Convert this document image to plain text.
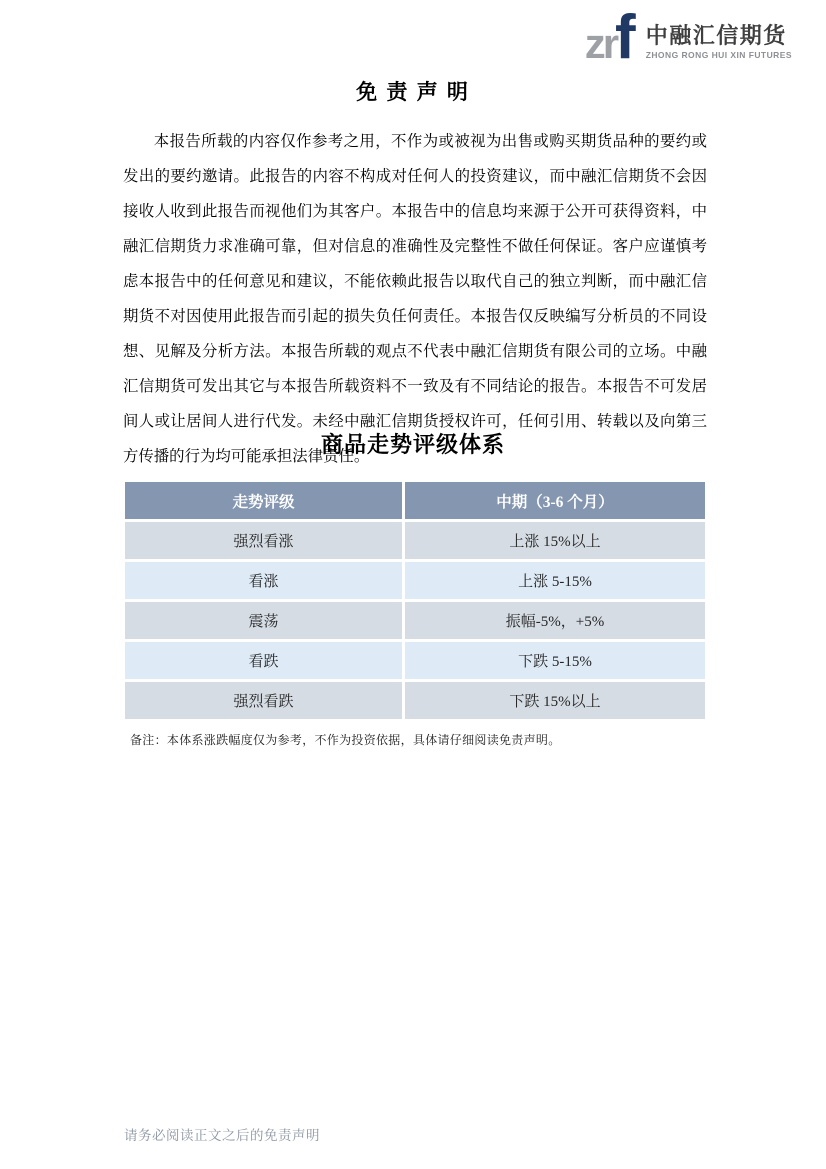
zr f 中融汇信期货
ZHONG RONG HUI XIN FUTURES
免 责 声 明
本报告所载的内容仅作参考之用，不作为或被视为出售或购买期货品种的要约或发出的要约邀请。此报告的内容不构成对任何人的投资建议，而中融汇信期货不会因接收人收到此报告而视他们为其客户。本报告中的信息均来源于公开可获得资料，中融汇信期货力求准确可靠，但对信息的准确性及完整性不做任何保证。客户应谨慎考虑本报告中的任何意见和建议，不能依赖此报告以取代自己的独立判断，而中融汇信期货不对因使用此报告而引起的损失负任何责任。本报告仅反映编写分析员的不同设想、见解及分析方法。本报告所载的观点不代表中融汇信期货有限公司的立场。中融汇信期货可发出其它与本报告所载资料不一致及有不同结论的报告。本报告不可发居间人或让居间人进行代发。未经中融汇信期货授权许可，任何引用、转载以及向第三方传播的行为均可能承担法律责任。
商品走势评级体系
走势评级	中期（3-6 个月）
强烈看涨	上涨 15%以上
看涨	上涨 5-15%
震荡	振幅-5%，+5%
看跌	下跌 5-15%
强烈看跌	下跌 15%以上
备注：本体系涨跌幅度仅为参考，不作为投资依据，具体请仔细阅读免责声明。
请务必阅读正文之后的免责声明
